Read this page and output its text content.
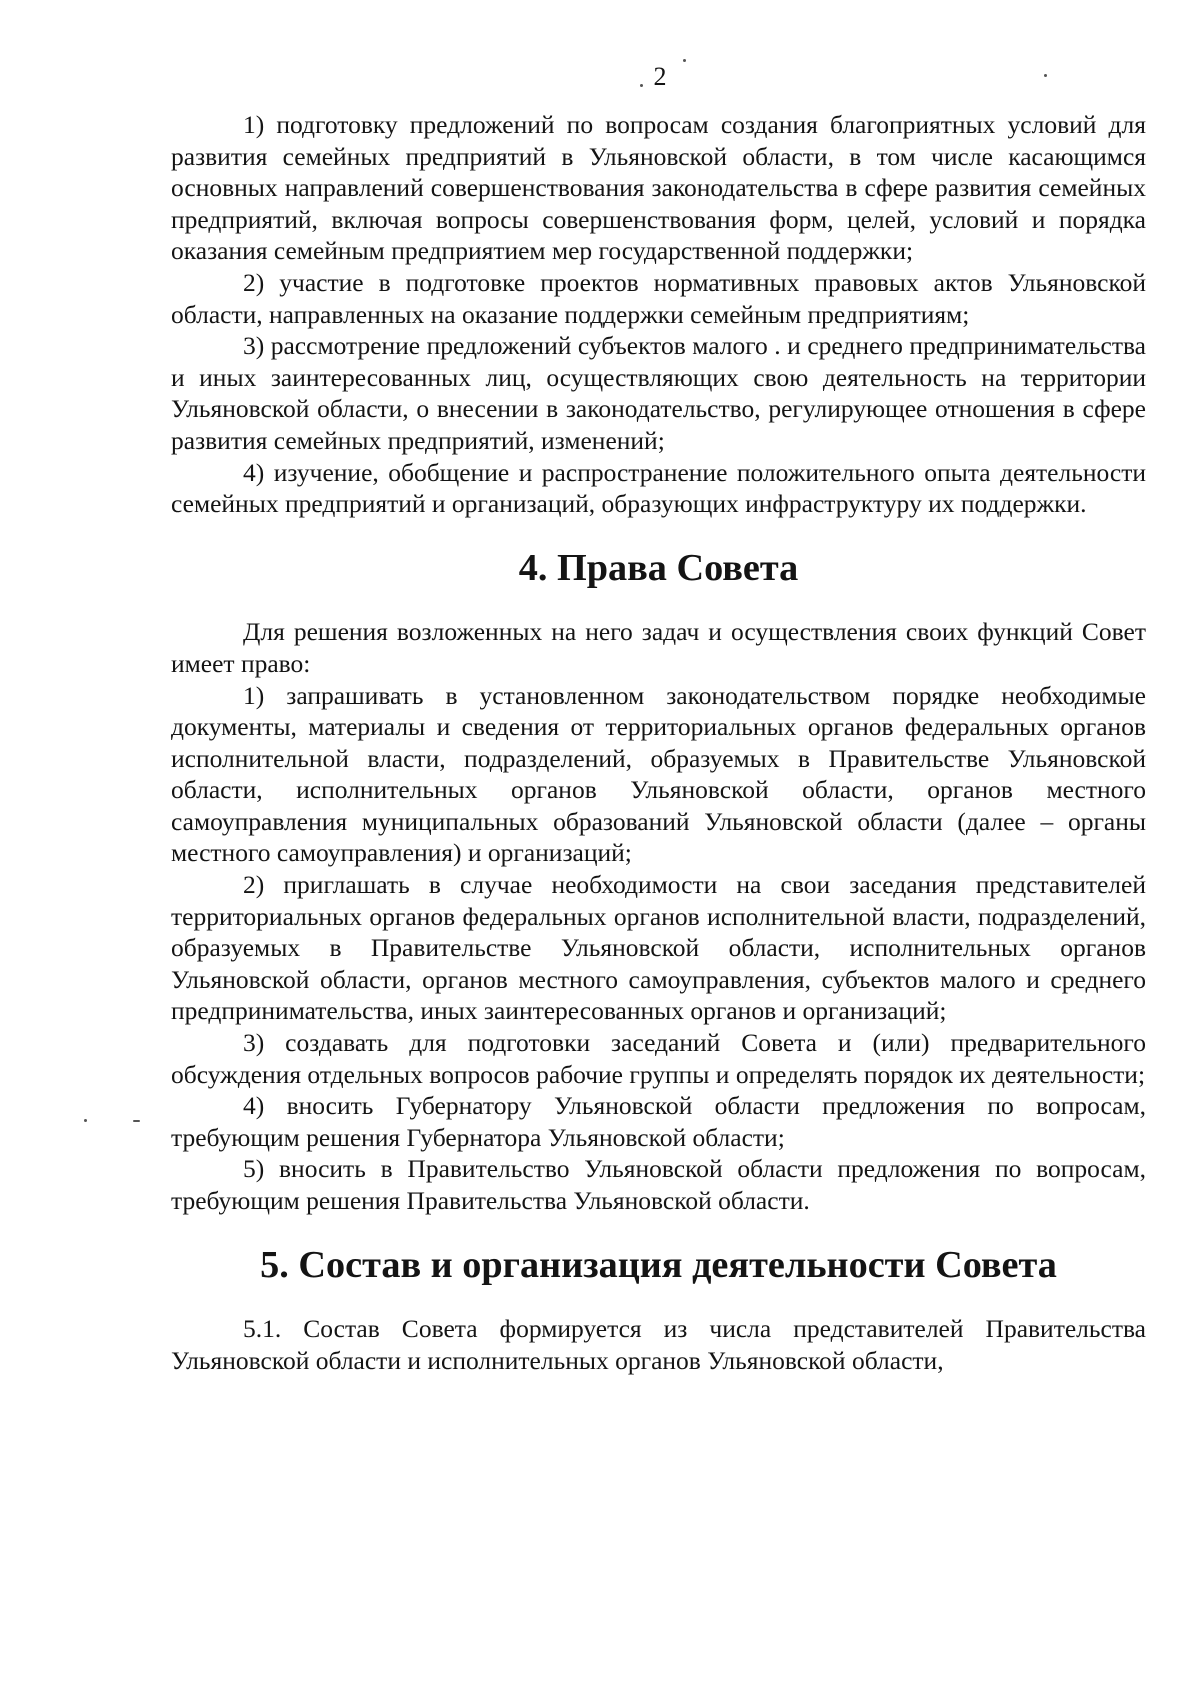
2

1) подготовку предложений по вопросам создания благоприятных условий для развития семейных предприятий в Ульяновской области, в том числе касающимся основных направлений совершенствования законодательства в сфере развития семейных предприятий, включая вопросы совершенствования форм, целей, условий и порядка оказания семейным предприятием мер государственной поддержки;

2) участие в подготовке проектов нормативных правовых актов Ульяновской области, направленных на оказание поддержки семейным предприятиям;

3) рассмотрение предложений субъектов малого . и среднего предпринимательства и иных заинтересованных лиц, осуществляющих свою деятельность на территории Ульяновской области, о внесении в законодательство, регулирующее отношения в сфере развития семейных предприятий, изменений;

4) изучение, обобщение и распространение положительного опыта деятельности семейных предприятий и организаций, образующих инфраструктуру их поддержки.

4. Права Совета

Для решения возложенных на него задач и осуществления своих функций Совет имеет право:

1) запрашивать в установленном законодательством порядке необходимые документы, материалы и сведения от территориальных органов федеральных органов исполнительной власти, подразделений, образуемых в Правительстве Ульяновской области, исполнительных органов Ульяновской области, органов местного самоуправления муниципальных образований Ульяновской области (далее – органы местного самоуправления) и организаций;

2) приглашать в случае необходимости на свои заседания представителей территориальных органов федеральных органов исполнительной власти, подразделений, образуемых в Правительстве Ульяновской области, исполнительных органов Ульяновской области, органов местного самоуправления, субъектов малого и среднего предпринимательства, иных заинтересованных органов и организаций;

3) создавать для подготовки заседаний Совета и (или) предварительного обсуждения отдельных вопросов рабочие группы и определять порядок их деятельности;

4) вносить Губернатору Ульяновской области предложения по вопросам, требующим решения Губернатора Ульяновской области;

5) вносить в Правительство Ульяновской области предложения по вопросам, требующим решения Правительства Ульяновской области.

5. Состав и организация деятельности Совета

5.1. Состав Совета формируется из числа представителей Правительства Ульяновской области и исполнительных органов Ульяновской области,
